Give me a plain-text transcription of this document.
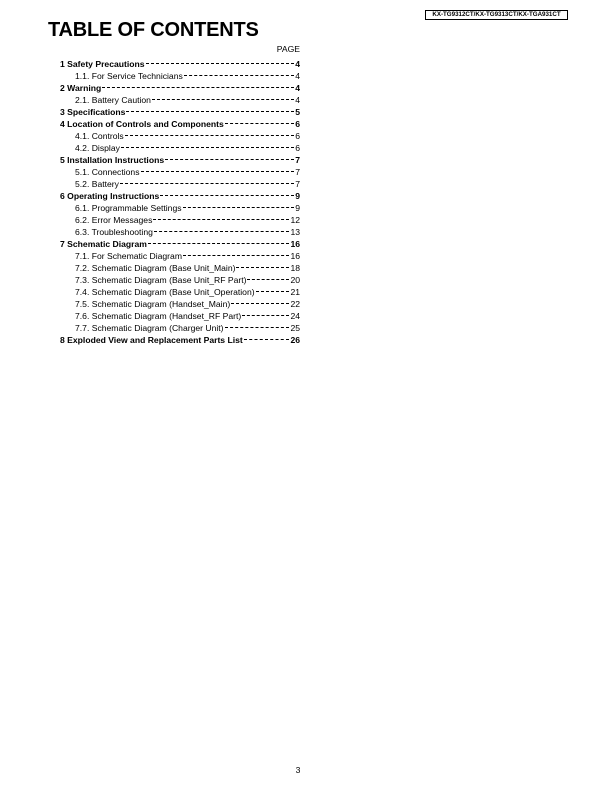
KX-TG9312CT/KX-TG9313CT/KX-TGA931CT
TABLE OF CONTENTS
PAGE
1 Safety Precautions	4
1.1. For Service Technicians	4
2 Warning	4
2.1. Battery Caution	4
3 Specifications	5
4 Location of Controls and Components	6
4.1. Controls	6
4.2. Display	6
5 Installation Instructions	7
5.1. Connections	7
5.2. Battery	7
6 Operating Instructions	9
6.1. Programmable Settings	9
6.2. Error Messages	12
6.3. Troubleshooting	13
7 Schematic Diagram	16
7.1. For Schematic Diagram	16
7.2. Schematic Diagram (Base Unit_Main)	18
7.3. Schematic Diagram (Base Unit_RF Part)	20
7.4. Schematic Diagram (Base Unit_Operation)	21
7.5. Schematic Diagram (Handset_Main)	22
7.6. Schematic Diagram (Handset_RF Part)	24
7.7. Schematic Diagram (Charger Unit)	25
8 Exploded View and Replacement Parts List	26
3
